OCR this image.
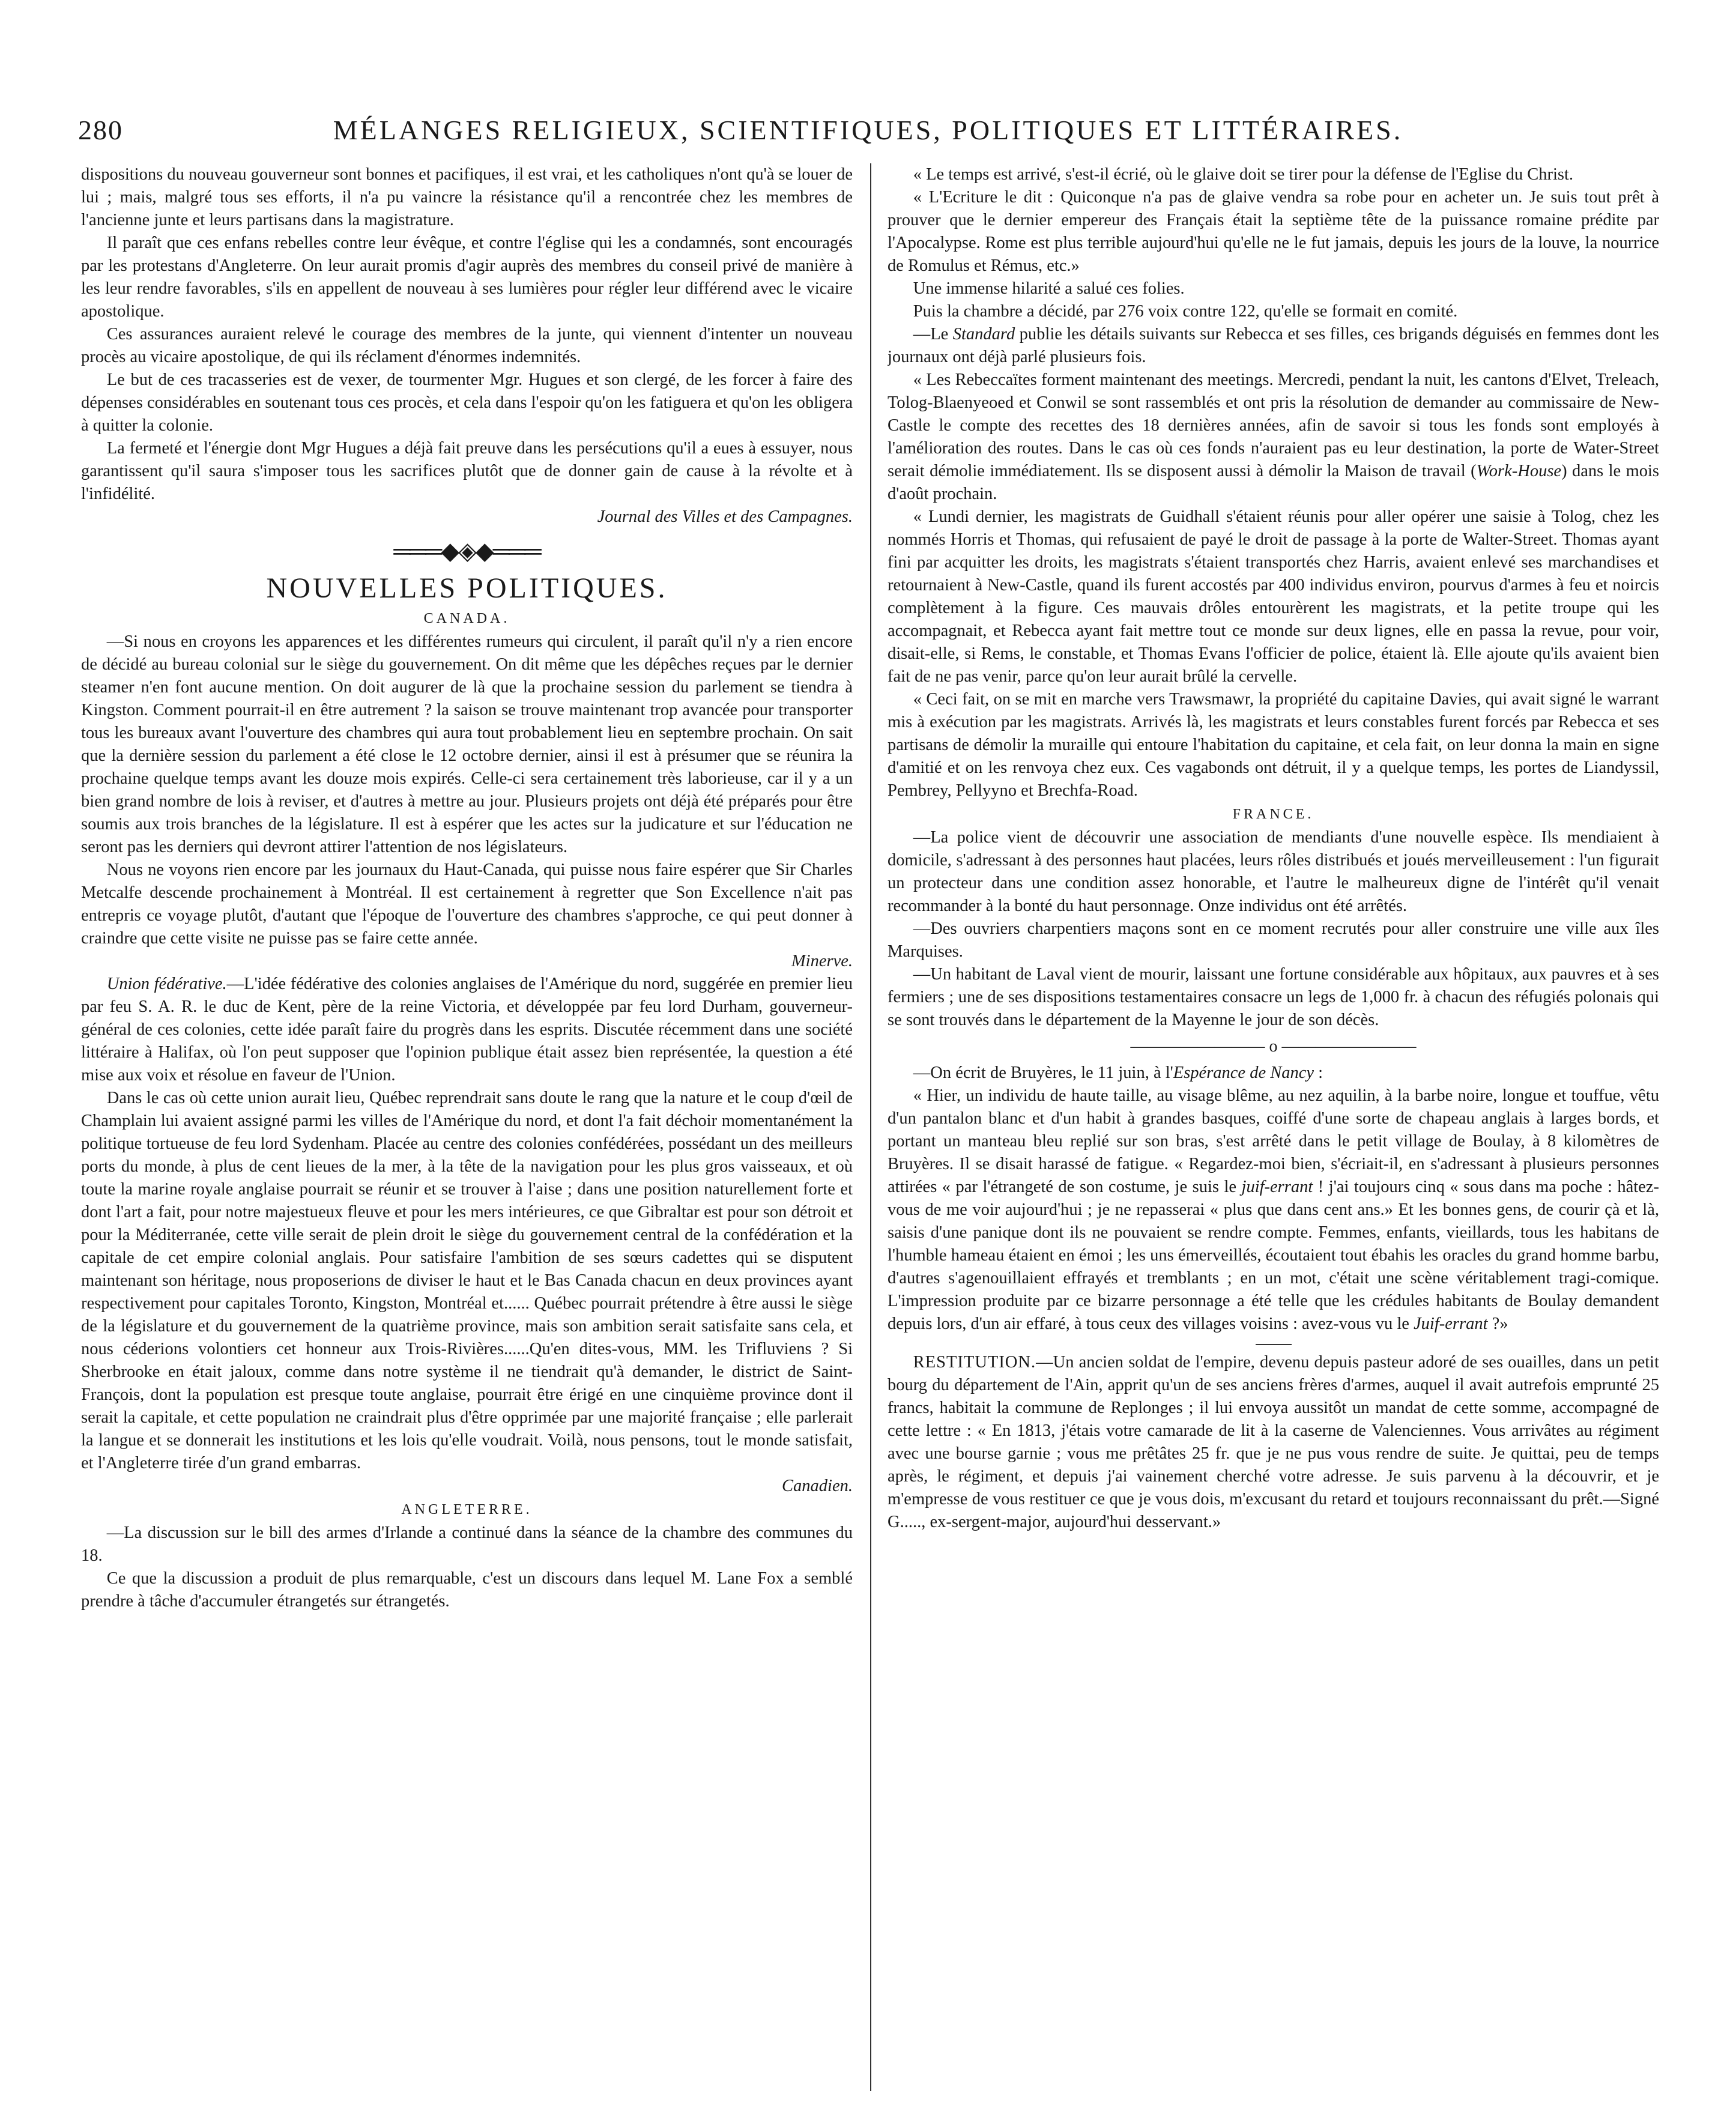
280	MÉLANGES RELIGIEUX, SCIENTIFIQUES, POLITIQUES ET LITTÉRAIRES.

dispositions du nouveau gouverneur sont bonnes et pacifiques, il est vrai, et les catholiques n'ont qu'à se louer de lui ; mais, malgré tous ses efforts, il n'a pu vaincre la résistance qu'il a rencontrée chez les membres de l'ancienne junte et leurs partisans dans la magistrature.

Il paraît que ces enfans rebelles contre leur évêque, et contre l'église qui les a condamnés, sont encouragés par les protestans d'Angleterre. On leur aurait promis d'agir auprès des membres du conseil privé de manière à les leur rendre favorables, s'ils en appellent de nouveau à ses lumières pour régler leur différend avec le vicaire apostolique.

Ces assurances auraient relevé le courage des membres de la junte, qui viennent d'intenter un nouveau procès au vicaire apostolique, de qui ils réclament d'énormes indemnités.

Le but de ces tracasseries est de vexer, de tourmenter Mgr. Hugues et son clergé, de les forcer à faire des dépenses considérables en soutenant tous ces procès, et cela dans l'espoir qu'on les fatiguera et qu'on les obligera à quitter la colonie.

La fermeté et l'énergie dont Mgr Hugues a déjà fait preuve dans les persécutions qu'il a eues à essuyer, nous garantissent qu'il saura s'imposer tous les sacrifices plutôt que de donner gain de cause à la révolte et à l'infidélité.

Journal des Villes et des Campagnes.

═══◆◈◆═══
NOUVELLES POLITIQUES.
CANADA.

—Si nous en croyons les apparences et les différentes rumeurs qui circulent, il paraît qu'il n'y a rien encore de décidé au bureau colonial sur le siège du gouvernement. On dit même que les dépêches reçues par le dernier steamer n'en font aucune mention. On doit augurer de là que la prochaine session du parlement se tiendra à Kingston. Comment pourrait-il en être autrement ? la saison se trouve maintenant trop avancée pour transporter tous les bureaux avant l'ouverture des chambres qui aura tout probablement lieu en septembre prochain. On sait que la dernière session du parlement a été close le 12 octobre dernier, ainsi il est à présumer que se réunira la prochaine quelque temps avant les douze mois expirés. Celle-ci sera certainement très laborieuse, car il y a un bien grand nombre de lois à reviser, et d'autres à mettre au jour. Plusieurs projets ont déjà été préparés pour être soumis aux trois branches de la législature. Il est à espérer que les actes sur la judicature et sur l'éducation ne seront pas les derniers qui devront attirer l'attention de nos législateurs.

Nous ne voyons rien encore par les journaux du Haut-Canada, qui puisse nous faire espérer que Sir Charles Metcalfe descende prochainement à Montréal. Il est certainement à regretter que Son Excellence n'ait pas entrepris ce voyage plutôt, d'autant que l'époque de l'ouverture des chambres s'approche, ce qui peut donner à craindre que cette visite ne puisse pas se faire cette année.

Minerve.

Union fédérative.—L'idée fédérative des colonies anglaises de l'Amérique du nord, suggérée en premier lieu par feu S. A. R. le duc de Kent, père de la reine Victoria, et développée par feu lord Durham, gouverneur-général de ces colonies, cette idée paraît faire du progrès dans les esprits. Discutée récemment dans une société littéraire à Halifax, où l'on peut supposer que l'opinion publique était assez bien représentée, la question a été mise aux voix et résolue en faveur de l'Union.

Dans le cas où cette union aurait lieu, Québec reprendrait sans doute le rang que la nature et le coup d'œil de Champlain lui avaient assigné parmi les villes de l'Amérique du nord, et dont l'a fait déchoir momentanément la politique tortueuse de feu lord Sydenham. Placée au centre des colonies confédérées, possédant un des meilleurs ports du monde, à plus de cent lieues de la mer, à la tête de la navigation pour les plus gros vaisseaux, et où toute la marine royale anglaise pourrait se réunir et se trouver à l'aise ; dans une position naturellement forte et dont l'art a fait, pour notre majestueux fleuve et pour les mers intérieures, ce que Gibraltar est pour son détroit et pour la Méditerranée, cette ville serait de plein droit le siège du gouvernement central de la confédération et la capitale de cet empire colonial anglais. Pour satisfaire l'ambition de ses sœurs cadettes qui se disputent maintenant son héritage, nous proposerions de diviser le haut et le Bas Canada chacun en deux provinces ayant respectivement pour capitales Toronto, Kingston, Montréal et...... Québec pourrait prétendre à être aussi le siège de la législature et du gouvernement de la quatrième province, mais son ambition serait satisfaite sans cela, et nous céderions volontiers cet honneur aux Trois-Rivières......Qu'en dites-vous, MM. les Trifluviens ? Si Sherbrooke en était jaloux, comme dans notre système il ne tiendrait qu'à demander, le district de Saint-François, dont la population est presque toute anglaise, pourrait être érigé en une cinquième province dont il serait la capitale, et cette population ne craindrait plus d'être opprimée par une majorité française ; elle parlerait la langue et se donnerait les institutions et les lois qu'elle voudrait. Voilà, nous pensons, tout le monde satisfait, et l'Angleterre tirée d'un grand embarras.

Canadien.

ANGLETERRE.

—La discussion sur le bill des armes d'Irlande a continué dans la séance de la chambre des communes du 18.

Ce que la discussion a produit de plus remarquable, c'est un discours dans lequel M. Lane Fox a semblé prendre à tâche d'accumuler étrangetés sur étrangetés.

« Le temps est arrivé, s'est-il écrié, où le glaive doit se tirer pour la défense de l'Eglise du Christ.

« L'Ecriture le dit : Quiconque n'a pas de glaive vendra sa robe pour en acheter un. Je suis tout prêt à prouver que le dernier empereur des Français était la septième tête de la puissance romaine prédite par l'Apocalypse. Rome est plus terrible aujourd'hui qu'elle ne le fut jamais, depuis les jours de la louve, la nourrice de Romulus et Rémus, etc.»

Une immense hilarité a salué ces folies.

Puis la chambre a décidé, par 276 voix contre 122, qu'elle se formait en comité.

—Le Standard publie les détails suivants sur Rebecca et ses filles, ces brigands déguisés en femmes dont les journaux ont déjà parlé plusieurs fois.

« Les Rebeccaïtes forment maintenant des meetings. Mercredi, pendant la nuit, les cantons d'Elvet, Treleach, Tolog-Blaenyeoed et Conwil se sont rassemblés et ont pris la résolution de demander au commissaire de New-Castle le compte des recettes des 18 dernières années, afin de savoir si tous les fonds sont employés à l'amélioration des routes. Dans le cas où ces fonds n'auraient pas eu leur destination, la porte de Water-Street serait démolie immédiatement. Ils se disposent aussi à démolir la Maison de travail (Work-House) dans le mois d'août prochain.

« Lundi dernier, les magistrats de Guidhall s'étaient réunis pour aller opérer une saisie à Tolog, chez les nommés Horris et Thomas, qui refusaient de payé le droit de passage à la porte de Walter-Street. Thomas ayant fini par acquitter les droits, les magistrats s'étaient transportés chez Harris, avaient enlevé ses marchandises et retournaient à New-Castle, quand ils furent accostés par 400 individus environ, pourvus d'armes à feu et noircis complètement à la figure. Ces mauvais drôles entourèrent les magistrats, et la petite troupe qui les accompagnait, et Rebecca ayant fait mettre tout ce monde sur deux lignes, elle en passa la revue, pour voir, disait-elle, si Rems, le constable, et Thomas Evans l'officier de police, étaient là. Elle ajoute qu'ils avaient bien fait de ne pas venir, parce qu'on leur aurait brûlé la cervelle.

« Ceci fait, on se mit en marche vers Trawsmawr, la propriété du capitaine Davies, qui avait signé le warrant mis à exécution par les magistrats. Arrivés là, les magistrats et leurs constables furent forcés par Rebecca et ses partisans de démolir la muraille qui entoure l'habitation du capitaine, et cela fait, on leur donna la main en signe d'amitié et on les renvoya chez eux. Ces vagabonds ont détruit, il y a quelque temps, les portes de Liandyssil, Pembrey, Pellyyno et Brechfa-Road.

FRANCE.

—La police vient de découvrir une association de mendiants d'une nouvelle espèce. Ils mendiaient à domicile, s'adressant à des personnes haut placées, leurs rôles distribués et joués merveilleusement : l'un figurait un protecteur dans une condition assez honorable, et l'autre le malheureux digne de l'intérêt qu'il venait recommander à la bonté du haut personnage. Onze individus ont été arrêtés.

—Des ouvriers charpentiers maçons sont en ce moment recrutés pour aller construire une ville aux îles Marquises.

—Un habitant de Laval vient de mourir, laissant une fortune considérable aux hôpitaux, aux pauvres et à ses fermiers ; une de ses dispositions testamentaires consacre un legs de 1,000 fr. à chacun des réfugiés polonais qui se sont trouvés dans le département de la Mayenne le jour de son décès.

———————— o ————————

—On écrit de Bruyères, le 11 juin, à l'Espérance de Nancy :

« Hier, un individu de haute taille, au visage blême, au nez aquilin, à la barbe noire, longue et touffue, vêtu d'un pantalon blanc et d'un habit à grandes basques, coiffé d'une sorte de chapeau anglais à larges bords, et portant un manteau bleu replié sur son bras, s'est arrêté dans le petit village de Boulay, à 8 kilomètres de Bruyères. Il se disait harassé de fatigue. « Regardez-moi bien, s'écriait-il, en s'adressant à plusieurs personnes attirées « par l'étrangeté de son costume, je suis le juif-errant ! j'ai toujours cinq « sous dans ma poche : hâtez-vous de me voir aujourd'hui ; je ne repasserai « plus que dans cent ans.» Et les bonnes gens, de courir çà et là, saisis d'une panique dont ils ne pouvaient se rendre compte. Femmes, enfants, vieillards, tous les habitans de l'humble hameau étaient en émoi ; les uns émerveillés, écoutaient tout ébahis les oracles du grand homme barbu, d'autres s'agenouillaient effrayés et tremblants ; en un mot, c'était une scène véritablement tragi-comique. L'impression produite par ce bizarre personnage a été telle que les crédules habitants de Boulay demandent depuis lors, d'un air effaré, à tous ceux des villages voisins : avez-vous vu le Juif-errant ?»

RESTITUTION.—Un ancien soldat de l'empire, devenu depuis pasteur adoré de ses ouailles, dans un petit bourg du département de l'Ain, apprit qu'un de ses anciens frères d'armes, auquel il avait autrefois emprunté 25 francs, habitait la commune de Replonges ; il lui envoya aussitôt un mandat de cette somme, accompagné de cette lettre : « En 1813, j'étais votre camarade de lit à la caserne de Valenciennes. Vous arrivâtes au régiment avec une bourse garnie ; vous me prêtâtes 25 fr. que je ne pus vous rendre de suite. Je quittai, peu de temps après, le régiment, et depuis j'ai vainement cherché votre adresse. Je suis parvenu à la découvrir, et je m'empresse de vous restituer ce que je vous dois, m'excusant du retard et toujours reconnaissant du prêt.—Signé G....., ex-sergent-major, aujourd'hui desservant.»
